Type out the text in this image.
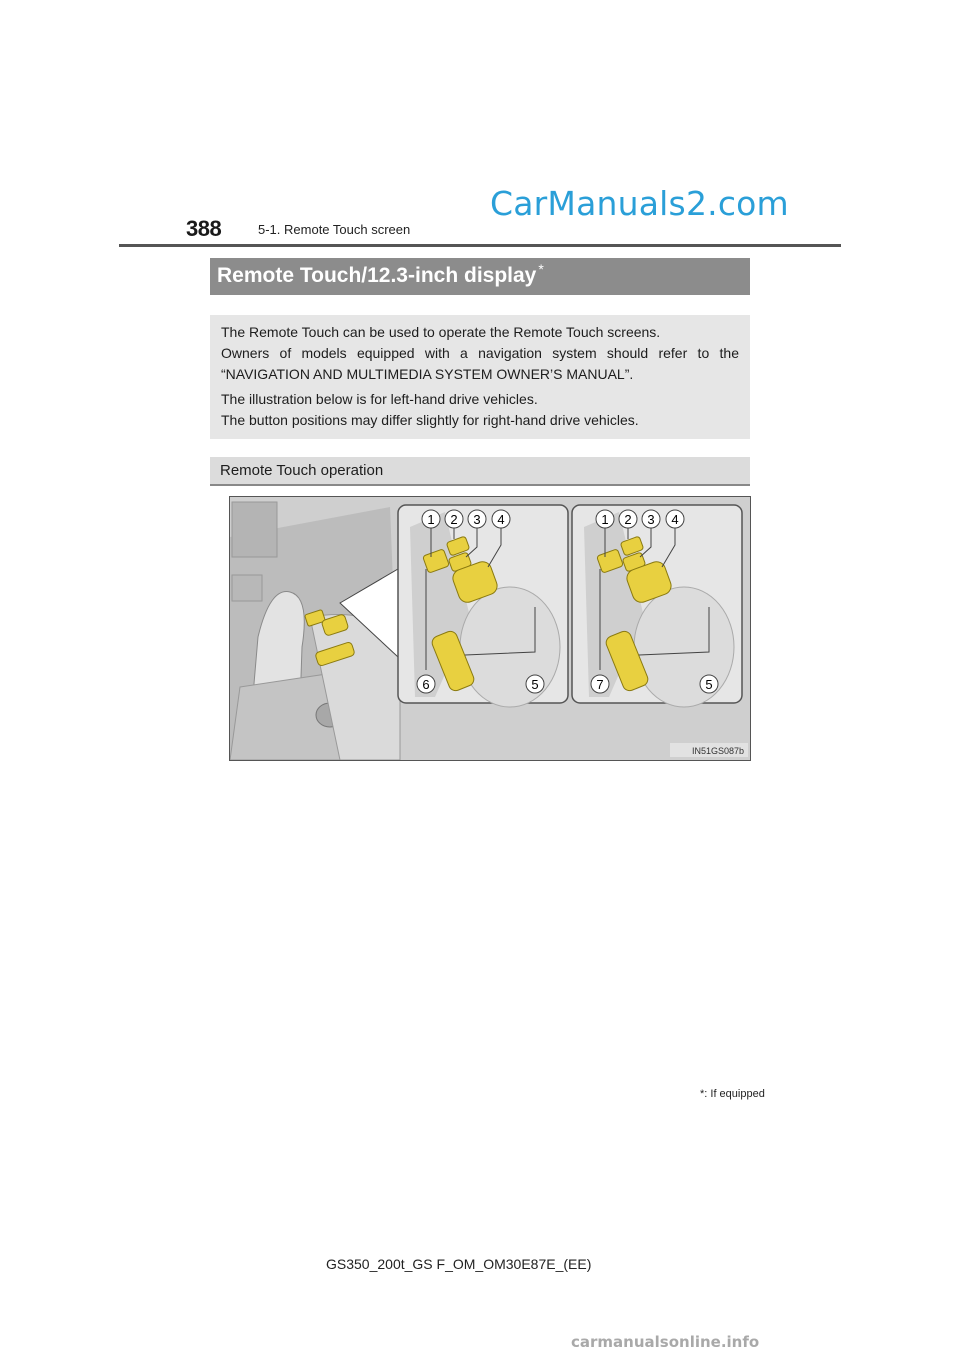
388	5-1. Remote Touch screen
CarManuals2.com
Remote Touch/12.3-inch display *

The Remote Touch can be used to operate the Remote Touch screens.

Owners of models equipped with a navigation system should refer to the

“NAVIGATION AND MULTIMEDIA SYSTEM OWNER’S MANUAL”.

The illustration below is for left-hand drive vehicles.

The button positions may differ slightly for right-hand drive vehicles.

Remote Touch operation
1 2 3 4
6	5
1 2 3 4
7	5
IN51GS087b
*: If equipped
GS350_200t_GS F_OM_OM30E87E_(EE)
carmanualsonline.info
